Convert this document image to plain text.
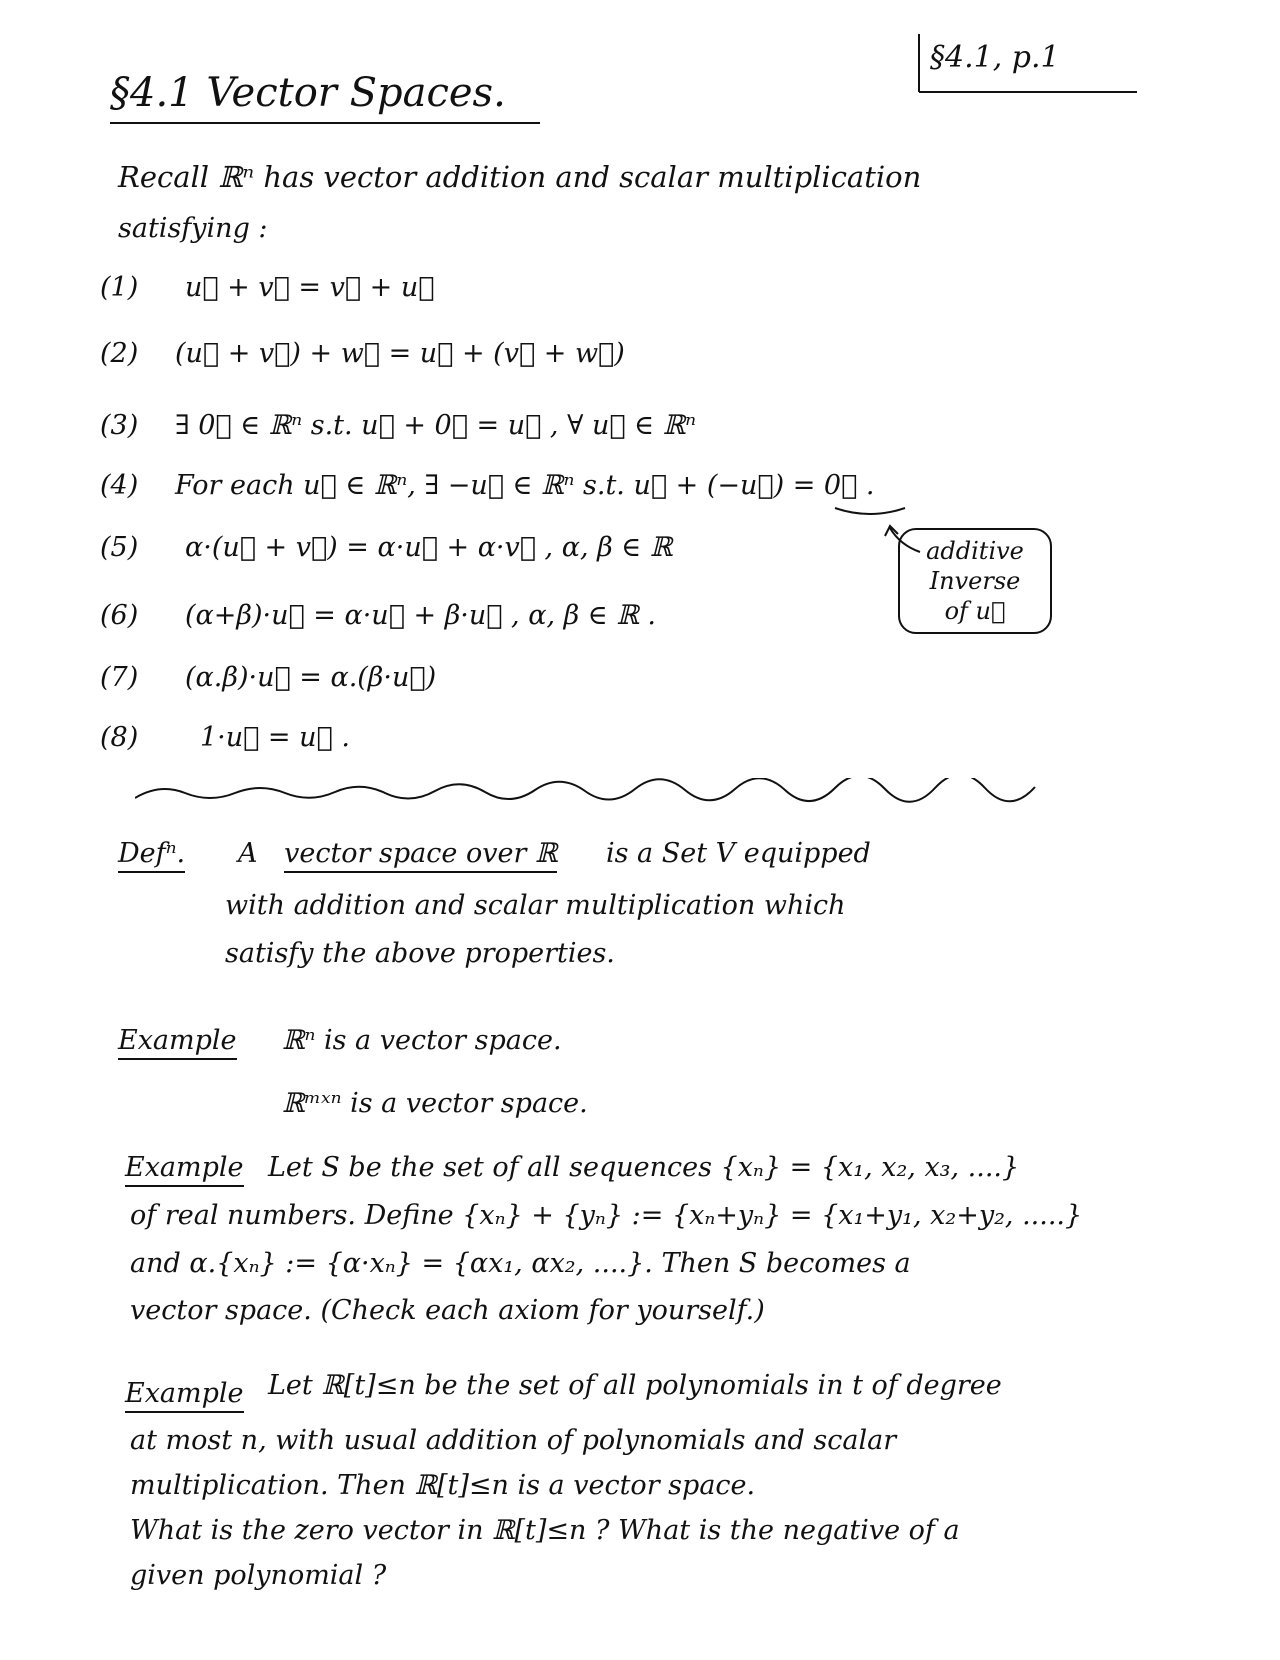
§4.1 Vector Spaces.
§4.1, p.1
Recall ℝⁿ has vector addition and scalar multiplication
satisfying :
(1) u⃗ + v⃗ = v⃗ + u⃗
(2) (u⃗ + v⃗) + w⃗ = u⃗ + (v⃗ + w⃗)
(3) ∃ 0⃗ ∈ ℝⁿ s.t. u⃗ + 0⃗ = u⃗ , ∀ u⃗ ∈ ℝⁿ
(4) For each u⃗ ∈ ℝⁿ, ∃ −u⃗ ∈ ℝⁿ s.t. u⃗ + (−u⃗) = 0⃗ .
(5) α·(u⃗ + v⃗) = α·u⃗ + α·v⃗ , α, β ∈ ℝ
(6) (α+β)·u⃗ = α·u⃗ + β·u⃗ , α, β ∈ ℝ .
(7) (α.β)·u⃗ = α.(β·u⃗)
(8) 1·u⃗ = u⃗ .
additive
Inverse
of u⃗
Defⁿ. A vector space over ℝ is a Set V equipped
with addition and scalar multiplication which
satisfy the above properties.
Example ℝⁿ is a vector space.
ℝᵐˣⁿ is a vector space.
Example Let S be the set of all sequences {xₙ} = {x₁, x₂, x₃, ....}
of real numbers. Define {xₙ} + {yₙ} := {xₙ+yₙ} = {x₁+y₁, x₂+y₂, .....}
and α.{xₙ} := {α·xₙ} = {αx₁, αx₂, ....}. Then S becomes a
vector space. (Check each axiom for yourself.)
Example Let ℝ[t]≤n be the set of all polynomials in t of degree
at most n, with usual addition of polynomials and scalar
multiplication. Then ℝ[t]≤n is a vector space.
What is the zero vector in ℝ[t]≤n ? What is the negative of a
given polynomial ?
